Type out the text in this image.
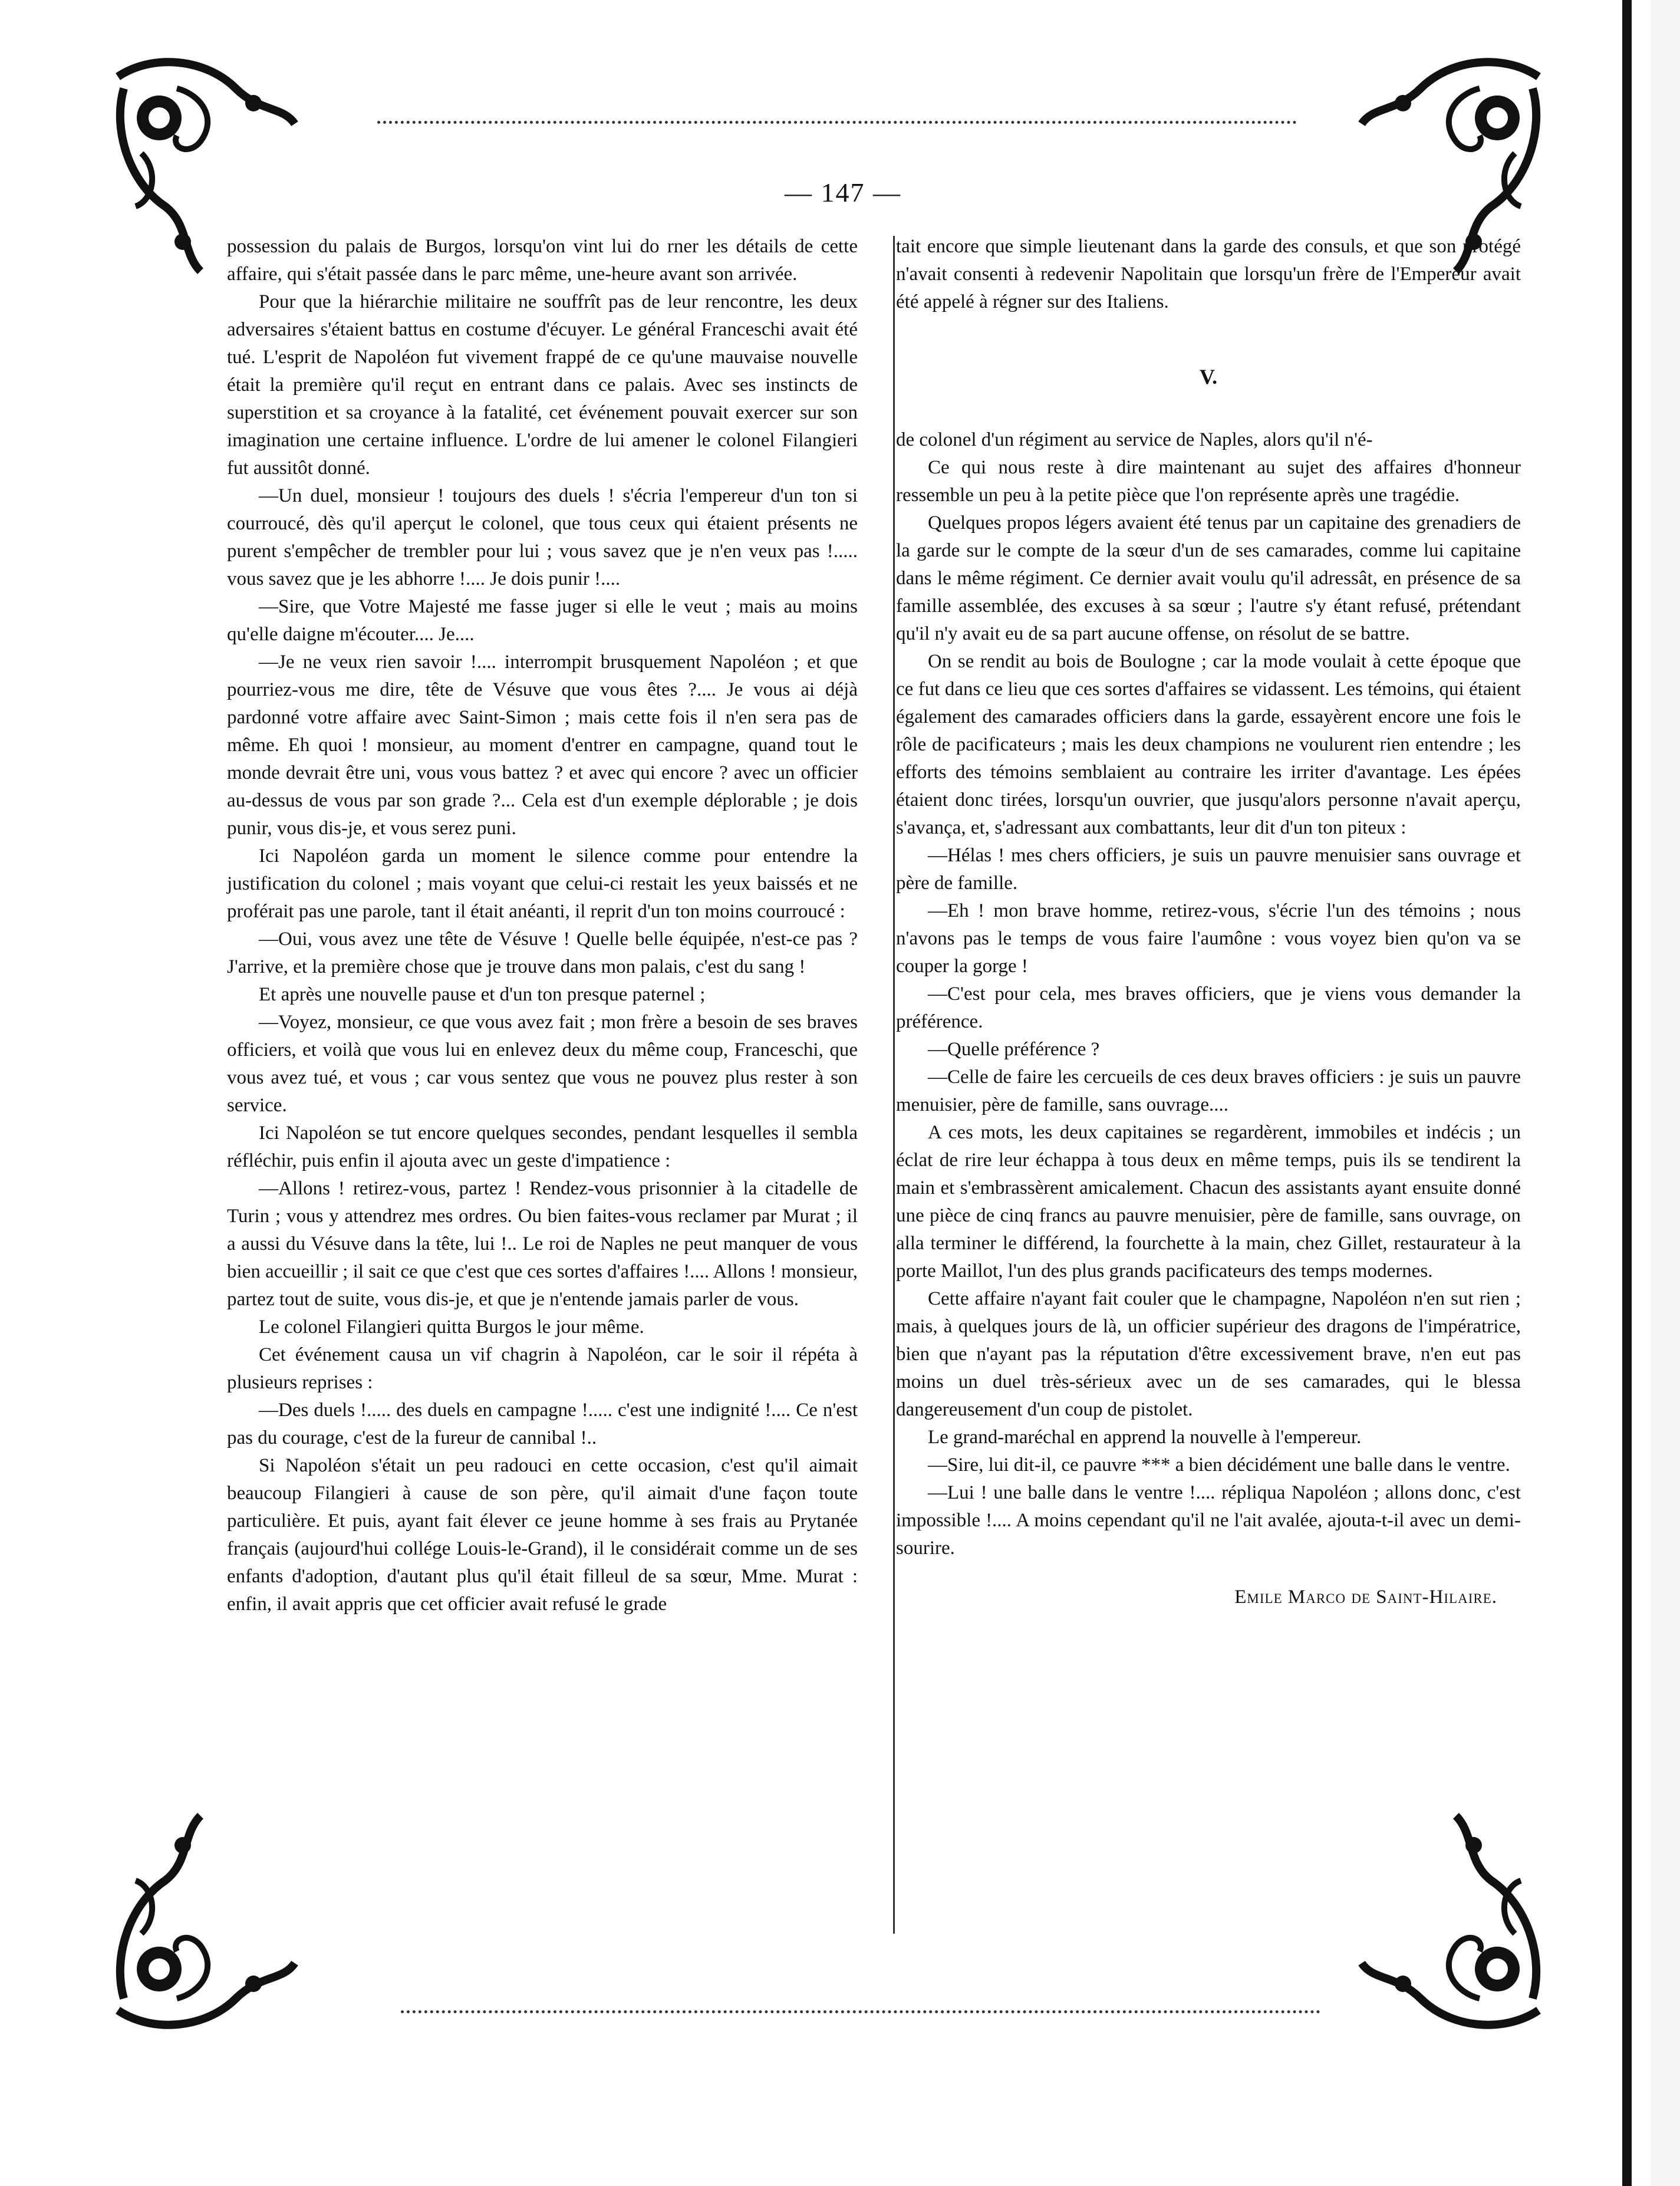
— 147 —

possession du palais de Burgos, lorsqu'on vint lui do rner les détails de cette affaire, qui s'était passée dans le parc même, une-heure avant son arrivée.

Pour que la hiérarchie militaire ne souffrît pas de leur rencontre, les deux adversaires s'étaient battus en costume d'écuyer. Le général Franceschi avait été tué. L'esprit de Napoléon fut vivement frappé de ce qu'une mauvaise nouvelle était la première qu'il reçut en entrant dans ce palais. Avec ses instincts de superstition et sa croyance à la fatalité, cet événement pouvait exercer sur son imagination une certaine influence. L'ordre de lui amener le colonel Filangieri fut aussitôt donné.

—Un duel, monsieur ! toujours des duels ! s'écria l'empereur d'un ton si courroucé, dès qu'il aperçut le colonel, que tous ceux qui étaient présents ne purent s'empêcher de trembler pour lui ; vous savez que je n'en veux pas !..... vous savez que je les abhorre !.... Je dois punir !....

—Sire, que Votre Majesté me fasse juger si elle le veut ; mais au moins qu'elle daigne m'écouter.... Je....

—Je ne veux rien savoir !.... interrompit brusquement Napoléon ; et que pourriez-vous me dire, tête de Vésuve que vous êtes ?.... Je vous ai déjà pardonné votre affaire avec Saint-Simon ; mais cette fois il n'en sera pas de même. Eh quoi ! monsieur, au moment d'entrer en campagne, quand tout le monde devrait être uni, vous vous battez ? et avec qui encore ? avec un officier au-dessus de vous par son grade ?... Cela est d'un exemple déplorable ; je dois punir, vous dis-je, et vous serez puni.

Ici Napoléon garda un moment le silence comme pour entendre la justification du colonel ; mais voyant que celui-ci restait les yeux baissés et ne proférait pas une parole, tant il était anéanti, il reprit d'un ton moins courroucé :

—Oui, vous avez une tête de Vésuve ! Quelle belle équipée, n'est-ce pas ? J'arrive, et la première chose que je trouve dans mon palais, c'est du sang !

Et après une nouvelle pause et d'un ton presque paternel ;

—Voyez, monsieur, ce que vous avez fait ; mon frère a besoin de ses braves officiers, et voilà que vous lui en enlevez deux du même coup, Franceschi, que vous avez tué, et vous ; car vous sentez que vous ne pouvez plus rester à son service.

Ici Napoléon se tut encore quelques secondes, pendant lesquelles il sembla réfléchir, puis enfin il ajouta avec un geste d'impatience :

—Allons ! retirez-vous, partez ! Rendez-vous prisonnier à la citadelle de Turin ; vous y attendrez mes ordres. Ou bien faites-vous reclamer par Murat ; il a aussi du Vésuve dans la tête, lui !.. Le roi de Naples ne peut manquer de vous bien accueillir ; il sait ce que c'est que ces sortes d'affaires !.... Allons ! monsieur, partez tout de suite, vous dis-je, et que je n'entende jamais parler de vous.

Le colonel Filangieri quitta Burgos le jour même.

Cet événement causa un vif chagrin à Napoléon, car le soir il répéta à plusieurs reprises :

—Des duels !..... des duels en campagne !..... c'est une indignité !.... Ce n'est pas du courage, c'est de la fureur de cannibal !..

Si Napoléon s'était un peu radouci en cette occasion, c'est qu'il aimait beaucoup Filangieri à cause de son père, qu'il aimait d'une façon toute particulière. Et puis, ayant fait élever ce jeune homme à ses frais au Prytanée français (aujourd'hui collége Louis-le-Grand), il le considérait comme un de ses enfants d'adoption, d'autant plus qu'il était filleul de sa sœur, Mme. Murat : enfin, il avait appris que cet officier avait refusé le grade

tait encore que simple lieutenant dans la garde des consuls, et que son protégé n'avait consenti à redevenir Napolitain que lorsqu'un frère de l'Empereur avait été appelé à régner sur des Italiens.

V.

de colonel d'un régiment au service de Naples, alors qu'il n'é-

Ce qui nous reste à dire maintenant au sujet des affaires d'honneur ressemble un peu à la petite pièce que l'on représente après une tragédie.

Quelques propos légers avaient été tenus par un capitaine des grenadiers de la garde sur le compte de la sœur d'un de ses camarades, comme lui capitaine dans le même régiment. Ce dernier avait voulu qu'il adressât, en présence de sa famille assemblée, des excuses à sa sœur ; l'autre s'y étant refusé, prétendant qu'il n'y avait eu de sa part aucune offense, on résolut de se battre.

On se rendit au bois de Boulogne ; car la mode voulait à cette époque que ce fut dans ce lieu que ces sortes d'affaires se vidassent. Les témoins, qui étaient également des camarades officiers dans la garde, essayèrent encore une fois le rôle de pacificateurs ; mais les deux champions ne voulurent rien entendre ; les efforts des témoins semblaient au contraire les irriter d'avantage. Les épées étaient donc tirées, lorsqu'un ouvrier, que jusqu'alors personne n'avait aperçu, s'avança, et, s'adressant aux combattants, leur dit d'un ton piteux :

—Hélas ! mes chers officiers, je suis un pauvre menuisier sans ouvrage et père de famille.

—Eh ! mon brave homme, retirez-vous, s'écrie l'un des témoins ; nous n'avons pas le temps de vous faire l'aumône : vous voyez bien qu'on va se couper la gorge !

—C'est pour cela, mes braves officiers, que je viens vous demander la préférence.

—Quelle préférence ?

—Celle de faire les cercueils de ces deux braves officiers : je suis un pauvre menuisier, père de famille, sans ouvrage....

A ces mots, les deux capitaines se regardèrent, immobiles et indécis ; un éclat de rire leur échappa à tous deux en même temps, puis ils se tendirent la main et s'embrassèrent amicalement. Chacun des assistants ayant ensuite donné une pièce de cinq francs au pauvre menuisier, père de famille, sans ouvrage, on alla terminer le différend, la fourchette à la main, chez Gillet, restaurateur à la porte Maillot, l'un des plus grands pacificateurs des temps modernes.

Cette affaire n'ayant fait couler que le champagne, Napoléon n'en sut rien ; mais, à quelques jours de là, un officier supérieur des dragons de l'impératrice, bien que n'ayant pas la réputation d'être excessivement brave, n'en eut pas moins un duel très-sérieux avec un de ses camarades, qui le blessa dangereusement d'un coup de pistolet.

Le grand-maréchal en apprend la nouvelle à l'empereur.

—Sire, lui dit-il, ce pauvre *** a bien décidément une balle dans le ventre.

—Lui ! une balle dans le ventre !.... répliqua Napoléon ; allons donc, c'est impossible !.... A moins cependant qu'il ne l'ait avalée, ajouta-t-il avec un demi-sourire.

Emile Marco de Saint-Hilaire.
